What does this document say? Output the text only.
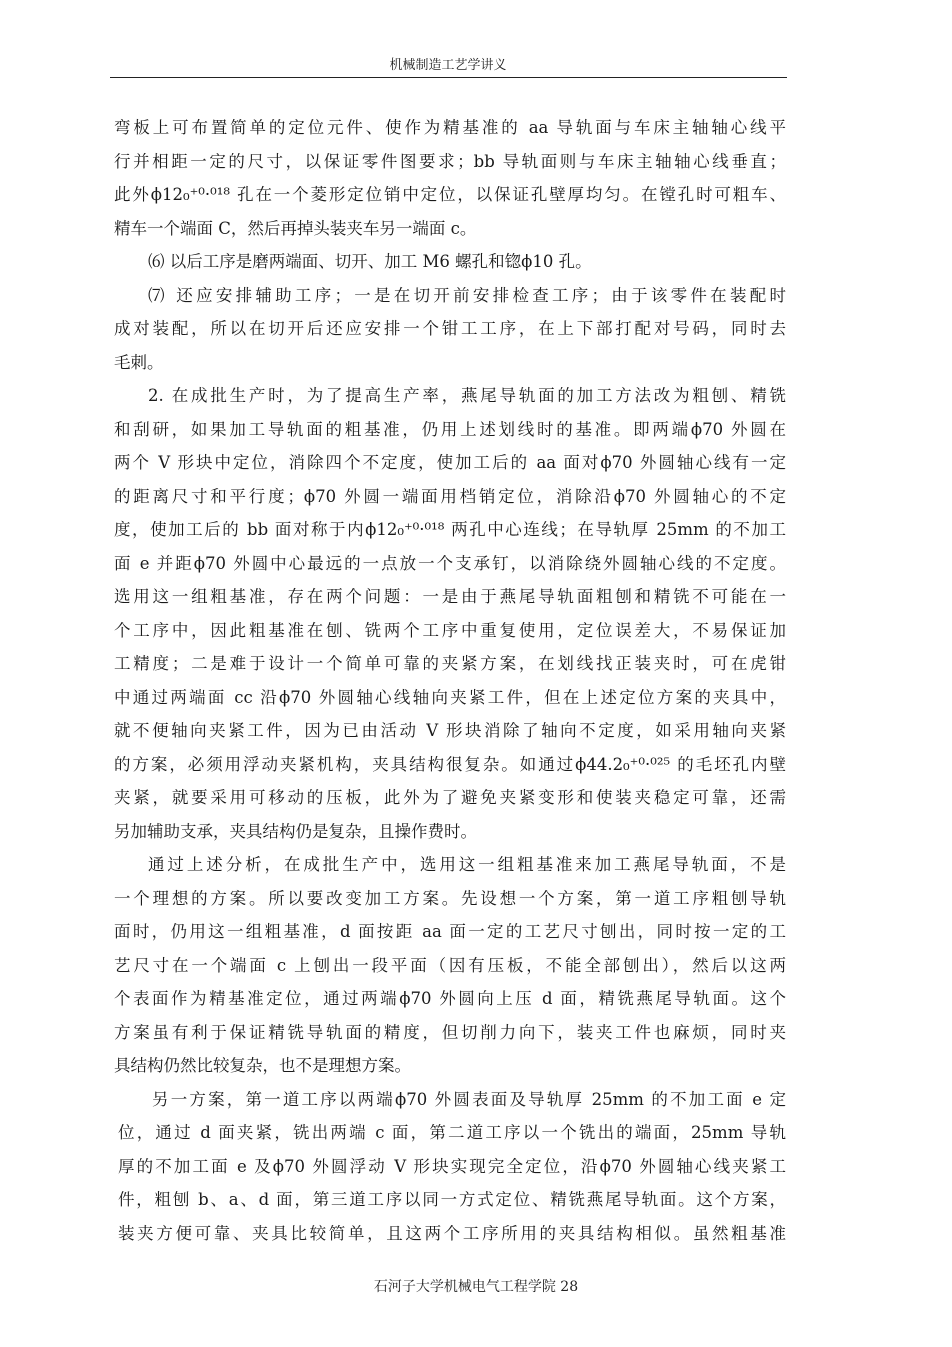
机械制造工艺学讲义
弯板上可布置简单的定位元件、使作为精基准的 aa 导轨面与车床主轴轴心线平
行并相距一定的尺寸，以保证零件图要求；bb 导轨面则与车床主轴轴心线垂直；
此外ϕ12₀⁺⁰·⁰¹⁸ 孔在一个菱形定位销中定位，以保证孔壁厚均匀。在镗孔时可粗车、
精车一个端面 C，然后再掉头装夹车另一端面 c。
⑹ 以后工序是磨两端面、切开、加工 M6 螺孔和锪ϕ10 孔。
⑺ 还应安排辅助工序；一是在切开前安排检查工序；由于该零件在装配时
成对装配，所以在切开后还应安排一个钳工工序，在上下部打配对号码，同时去
毛刺。
2. 在成批生产时，为了提高生产率，燕尾导轨面的加工方法改为粗刨、精铣
和刮研，如果加工导轨面的粗基准，仍用上述划线时的基准。即两端ϕ70 外圆在
两个 V 形块中定位，消除四个不定度，使加工后的 aa 面对ϕ70 外圆轴心线有一定
的距离尺寸和平行度；ϕ70 外圆一端面用档销定位，消除沿ϕ70 外圆轴心的不定
度，使加工后的 bb 面对称于内ϕ12₀⁺⁰·⁰¹⁸ 两孔中心连线；在导轨厚 25mm 的不加工
面 e 并距ϕ70 外圆中心最远的一点放一个支承钉，以消除绕外圆轴心线的不定度。
选用这一组粗基准，存在两个问题：一是由于燕尾导轨面粗刨和精铣不可能在一
个工序中，因此粗基准在刨、铣两个工序中重复使用，定位误差大，不易保证加
工精度；二是难于设计一个简单可靠的夹紧方案，在划线找正装夹时，可在虎钳
中通过两端面 cc 沿ϕ70 外圆轴心线轴向夹紧工件，但在上述定位方案的夹具中，
就不便轴向夹紧工件，因为已由活动 V 形块消除了轴向不定度，如采用轴向夹紧
的方案，必须用浮动夹紧机构，夹具结构很复杂。如通过ϕ44.2₀⁺⁰·⁰²⁵ 的毛坯孔内壁
夹紧，就要采用可移动的压板，此外为了避免夹紧变形和使装夹稳定可靠，还需
另加辅助支承，夹具结构仍是复杂，且操作费时。
通过上述分析，在成批生产中，选用这一组粗基准来加工燕尾导轨面，不是
一个理想的方案。所以要改变加工方案。先设想一个方案，第一道工序粗刨导轨
面时，仍用这一组粗基准，d 面按距 aa 面一定的工艺尺寸刨出，同时按一定的工
艺尺寸在一个端面 c 上刨出一段平面（因有压板，不能全部刨出），然后以这两
个表面作为精基准定位，通过两端ϕ70 外圆向上压 d 面，精铣燕尾导轨面。这个
方案虽有利于保证精铣导轨面的精度，但切削力向下，装夹工件也麻烦，同时夹
具结构仍然比较复杂，也不是理想方案。
另一方案，第一道工序以两端ϕ70 外圆表面及导轨厚 25mm 的不加工面 e 定
位，通过 d 面夹紧，铣出两端 c 面，第二道工序以一个铣出的端面，25mm 导轨
厚的不加工面 e 及ϕ70 外圆浮动 V 形块实现完全定位，沿ϕ70 外圆轴心线夹紧工
件，粗刨 b、a、d 面，第三道工序以同一方式定位、精铣燕尾导轨面。这个方案，
装夹方便可靠、夹具比较简单，且这两个工序所用的夹具结构相似。虽然粗基准
石河子大学机械电气工程学院 28
